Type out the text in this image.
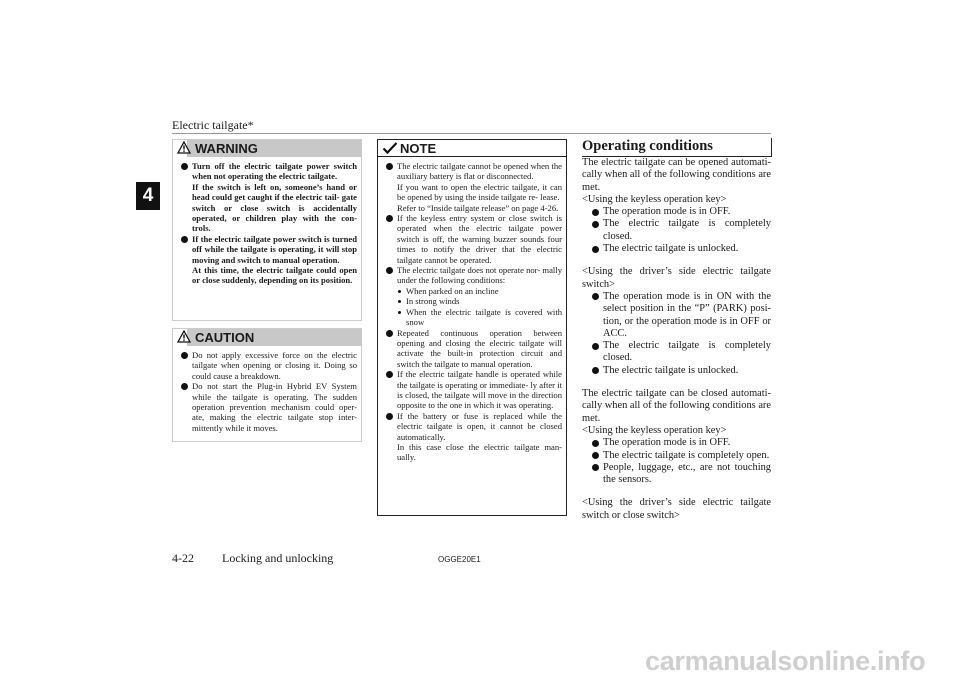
Electric tailgate*
4
WARNING

Turn off the electric tailgate power switch when not operating the electric tailgate.

If the switch is left on, someone’s hand or head could get caught if the electric tail- gate switch or close switch is accidentally operated, or children play with the con- trols.

If the electric tailgate power switch is turned off while the tailgate is operating, it will stop moving and switch to manual operation.

At this time, the electric tailgate could open or close suddenly, depending on its position.

CAUTION

Do not apply excessive force on the electric tailgate when opening or closing it. Doing so could cause a breakdown.

Do not start the Plug-in Hybrid EV System while the tailgate is operating. The sudden operation prevention mechanism could oper- ate, making the electric tailgate stop inter- mittently while it moves.

NOTE

The electric tailgate cannot be opened when the auxiliary battery is flat or disconnected.

If you want to open the electric tailgate, it can be opened by using the inside tailgate re- lease.

Refer to “Inside tailgate release” on page 4-26.

If the keyless entry system or close switch is operated when the electric tailgate power switch is off, the warning buzzer sounds four times to notify the driver that the electric tailgate cannot be operated.

The electric tailgate does not operate nor- mally under the following conditions:

When parked on an incline
In strong winds
When the electric tailgate is covered with snow

Repeated continuous operation between opening and closing the electric tailgate will activate the built-in protection circuit and switch the tailgate to manual operation.

If the electric tailgate handle is operated while the tailgate is operating or immediate- ly after it is closed, the tailgate will move in the direction opposite to the one in which it was operating.

If the battery or fuse is replaced while the electric tailgate is open, it cannot be closed automatically.

In this case close the electric tailgate man- ually.

Operating conditions
The electric tailgate can be opened automati- cally when all of the following conditions are met.
<Using the keyless operation key>
The operation mode is in OFF.
The electric tailgate is completely closed.
The electric tailgate is unlocked.
<Using the driver’s side electric tailgate switch>
The operation mode is in ON with the select position in the “P” (PARK) posi- tion, or the operation mode is in OFF or ACC.
The electric tailgate is completely closed.
The electric tailgate is unlocked.
The electric tailgate can be closed automati- cally when all of the following conditions are met.
<Using the keyless operation key>
The operation mode is in OFF.
The electric tailgate is completely open.
People, luggage, etc., are not touching the sensors.
<Using the driver’s side electric tailgate switch or close switch>
4-22 Locking and unlocking	OGGE20E1
carmanualsonline.info
